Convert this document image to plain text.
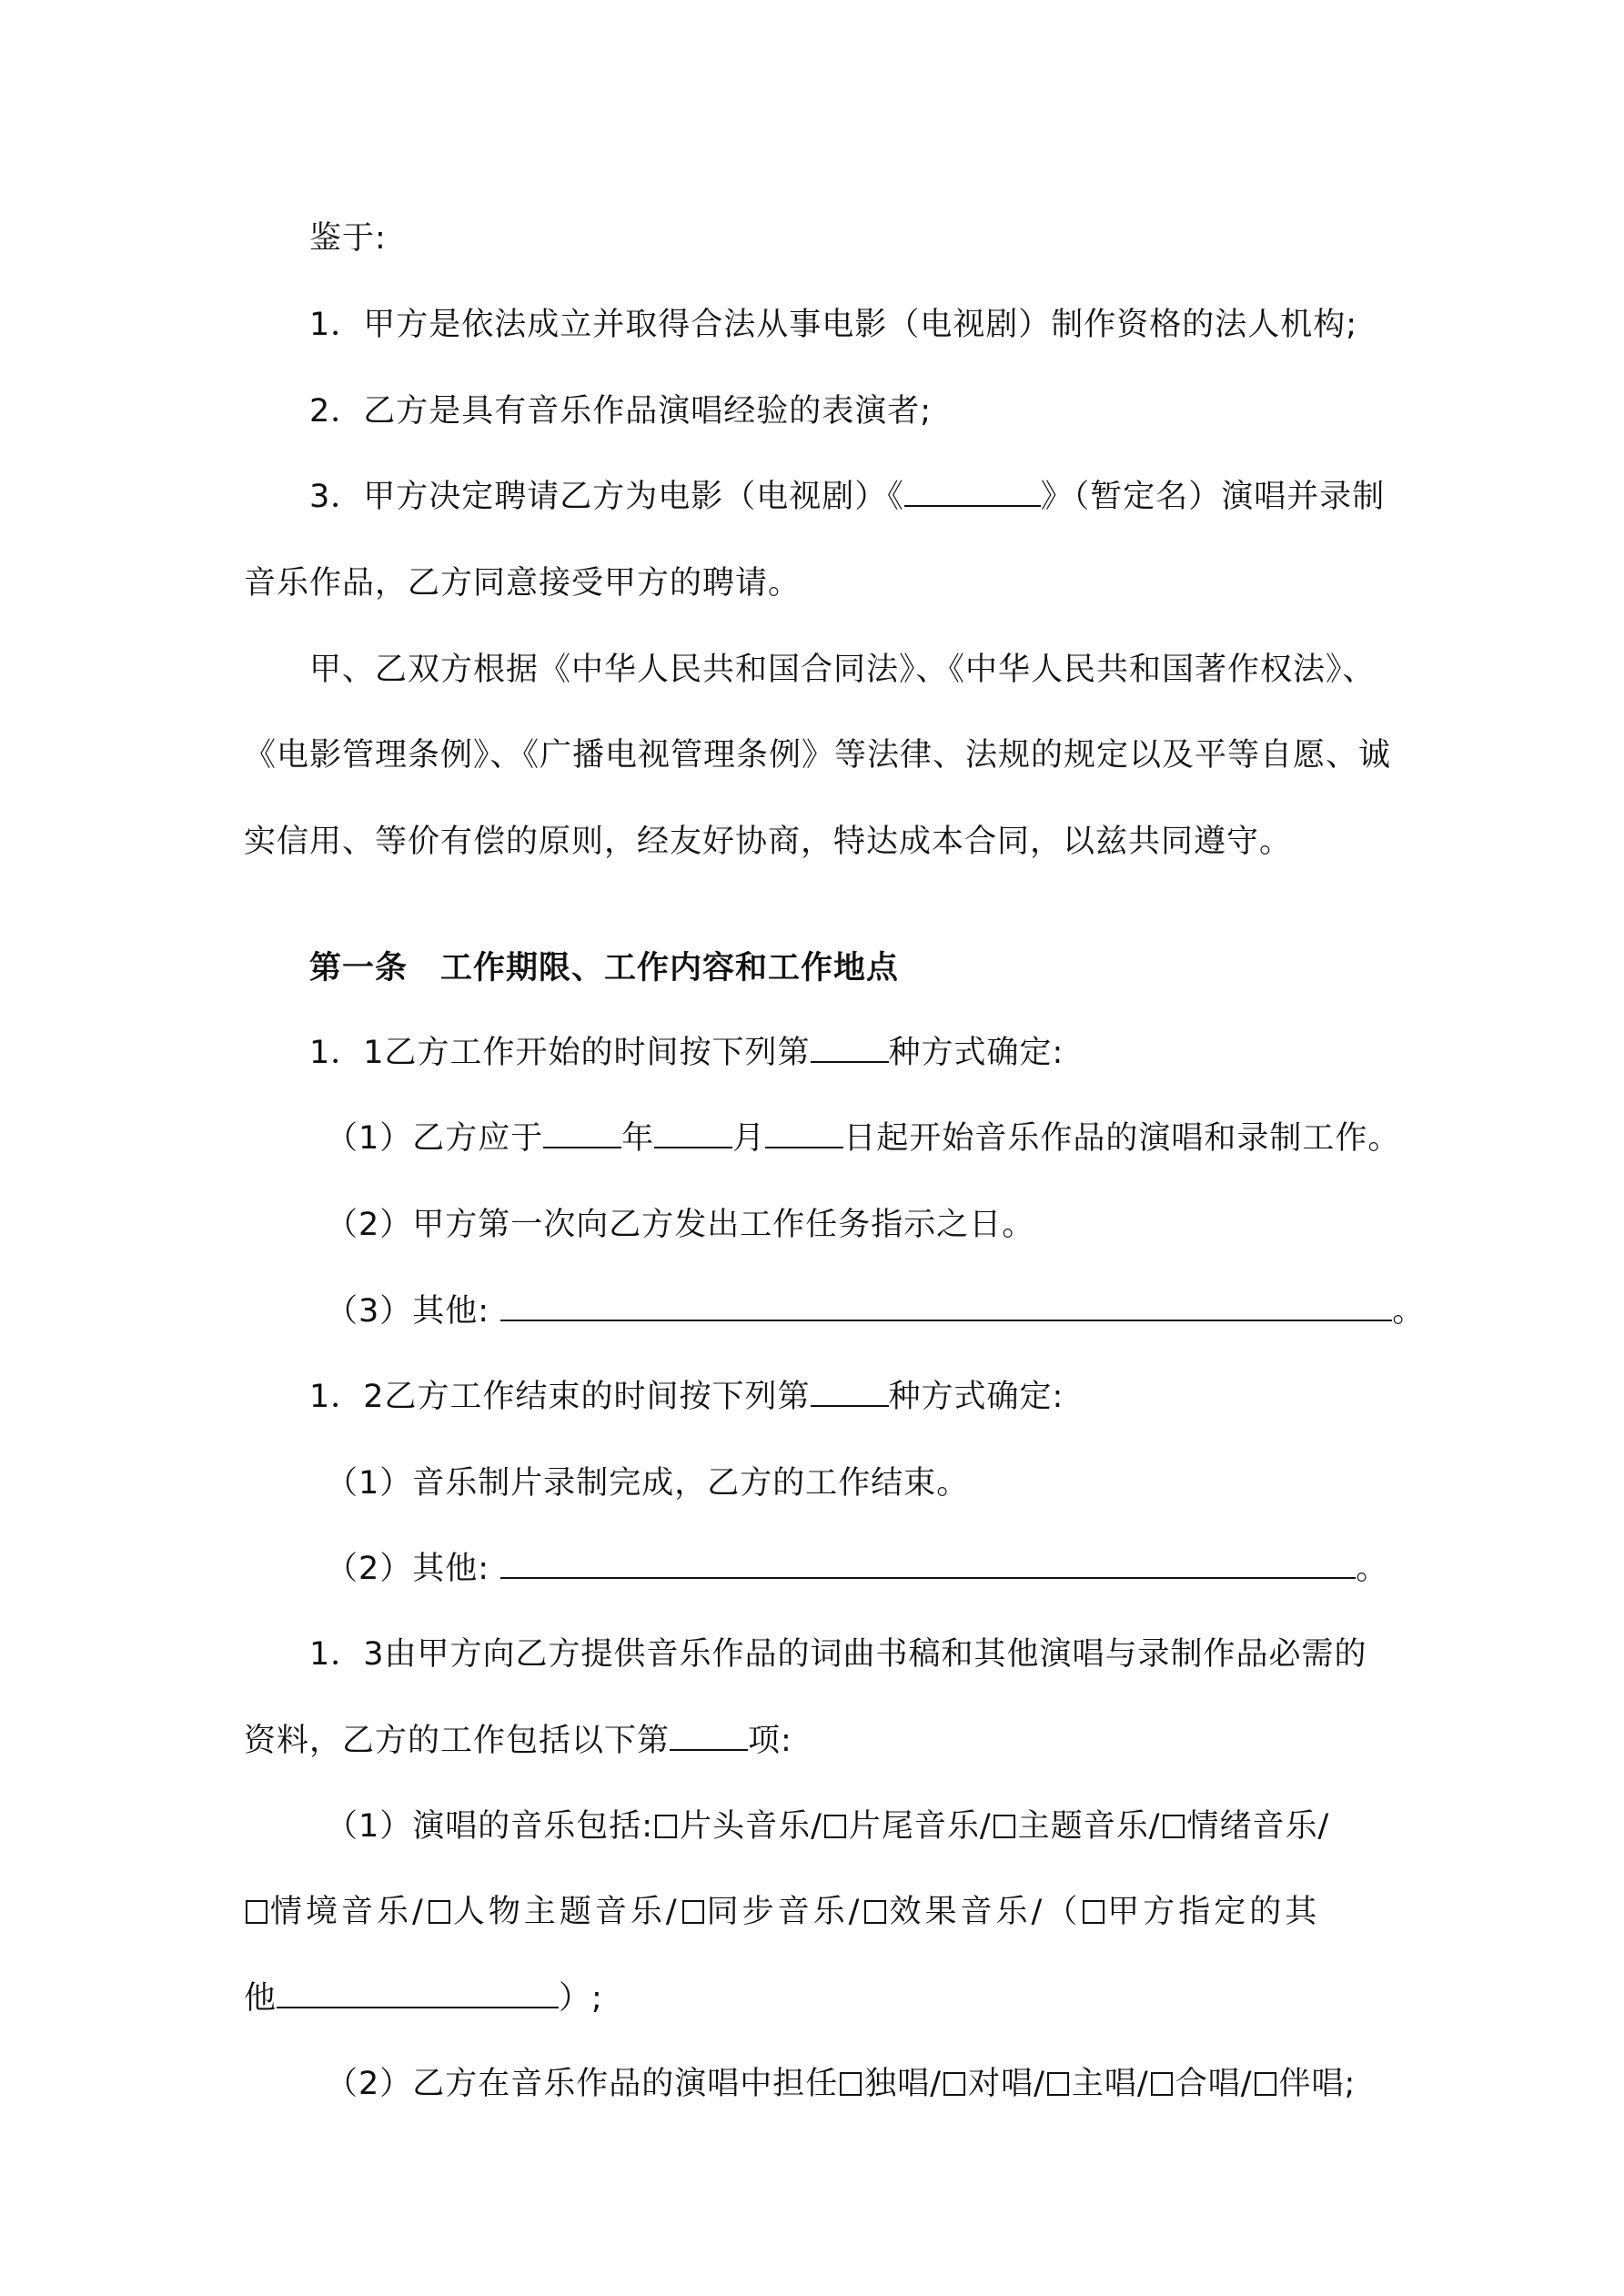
鉴于:
1．甲方是依法成立并取得合法从事电影（电视剧）制作资格的法人机构;
2．乙方是具有音乐作品演唱经验的表演者;
3．甲方决定聘请乙方为电影（电视剧）《	》（暂定名）演唱并录制
音乐作品，乙方同意接受甲方的聘请。
甲、乙双方根据《中华人民共和国合同法》、《中华人民共和国著作权法》、
《电影管理条例》、《广播电视管理条例》等法律、法规的规定以及平等自愿、诚
实信用、等价有偿的原则，经友好协商，特达成本合同，以兹共同遵守。
第一条　工作期限、工作内容和工作地点
1．1乙方工作开始的时间按下列第 种方式确定:
（1）乙方应于 年 月 日起开始音乐作品的演唱和录制工作。
（2）甲方第一次向乙方发出工作任务指示之日。
（3）其他:	。
1．2乙方工作结束的时间按下列第 种方式确定:
（1）音乐制片录制完成，乙方的工作结束。
（2）其他:	。
1．3由甲方向乙方提供音乐作品的词曲书稿和其他演唱与录制作品必需的
资料，乙方的工作包括以下第 项:
（1）演唱的音乐包括: 片头音乐/ 片尾音乐/ 主题音乐/ 情绪音乐/
情境音乐/ 人物主题音乐/ 同步音乐/ 效果音乐/（ 甲方指定的其
他	）;
（2）乙方在音乐作品的演唱中担任 独唱/ 对唱/ 主唱/ 合唱/ 伴唱;
